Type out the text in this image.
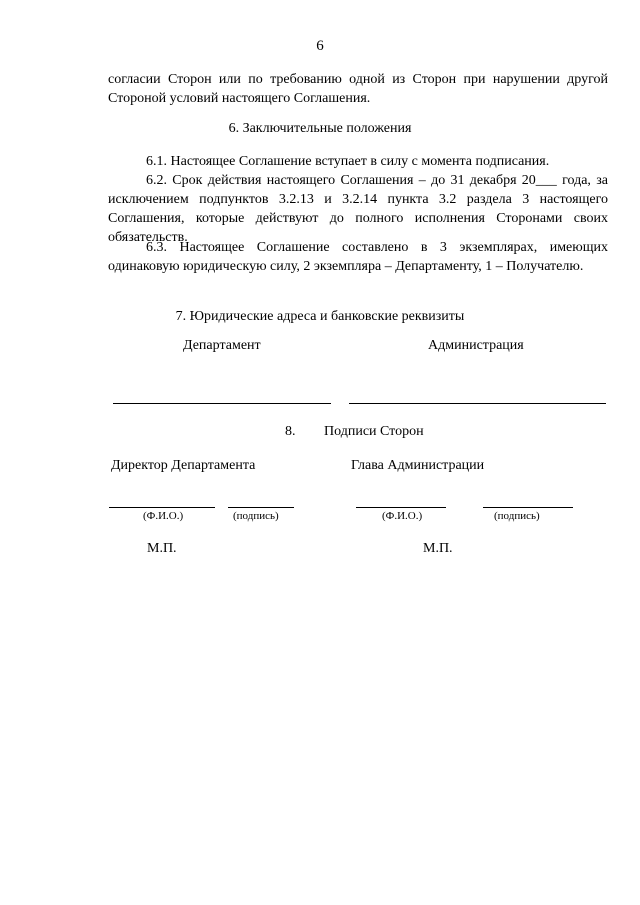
6
согласии Сторон или по требованию одной из Сторон при нарушении другой Стороной условий настоящего Соглашения.
6. Заключительные положения
6.1. Настоящее Соглашение вступает в силу с момента подписания.
6.2. Срок действия настоящего Соглашения – до 31 декабря 20___ года, за исключением подпунктов 3.2.13 и 3.2.14 пункта 3.2 раздела 3 настоящего Соглашения, которые действуют до полного исполнения Сторонами своих обязательств.
6.3. Настоящее Соглашение составлено в 3 экземплярах, имеющих одинаковую юридическую силу, 2 экземпляра – Департаменту, 1 – Получателю.
7. Юридические адреса и банковские реквизиты
Департамент	Администрация
8. Подписи Сторон
Директор Департамента	Глава Администрации
(Ф.И.О.)	(подпись)	(Ф.И.О.)	(подпись)
М.П.	М.П.
